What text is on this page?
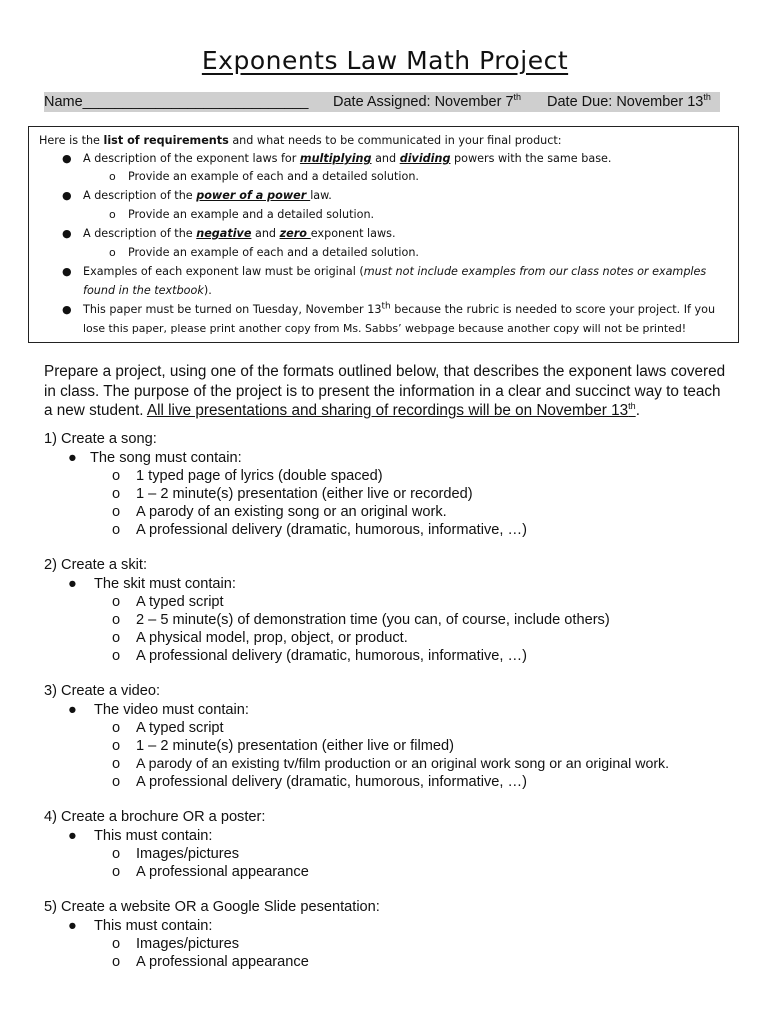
Exponents Law Math Project
Name____________________________ Date Assigned: November 7th Date Due: November 13th
Here is the list of requirements and what needs to be communicated in your final product:
● A description of the exponent laws for multiplying and dividing powers with the same base.
o Provide an example of each and a detailed solution.
● A description of the power of a power law.
o Provide an example and a detailed solution.
● A description of the negative and zero exponent laws.
o Provide an example of each and a detailed solution.
● Examples of each exponent law must be original (must not include examples from our class notes or examples
found in the textbook).
● This paper must be turned on Tuesday, November 13th because the rubric is needed to score your project. If you
lose this paper, please print another copy from Ms. Sabbs’ webpage because another copy will not be printed!
Prepare a project, using one of the formats outlined below, that describes the exponent laws covered
in class. The purpose of the project is to present the information in a clear and succinct way to teach
a new student. All live presentations and sharing of recordings will be on November 13th.
1) Create a song:
● The song must contain:
o 1 typed page of lyrics (double spaced)
o 1 – 2 minute(s) presentation (either live or recorded)
o A parody of an existing song or an original work.
o A professional delivery (dramatic, humorous, informative, …)
2) Create a skit:
● The skit must contain:
o A typed script
o 2 – 5 minute(s) of demonstration time (you can, of course, include others)
o A physical model, prop, object, or product.
o A professional delivery (dramatic, humorous, informative, …)
3) Create a video:
● The video must contain:
o A typed script
o 1 – 2 minute(s) presentation (either live or filmed)
o A parody of an existing tv/film production or an original work song or an original work.
o A professional delivery (dramatic, humorous, informative, …)
4) Create a brochure OR a poster:
● This must contain:
o Images/pictures
o A professional appearance
5) Create a website OR a Google Slide pesentation:
● This must contain:
o Images/pictures
o A professional appearance
